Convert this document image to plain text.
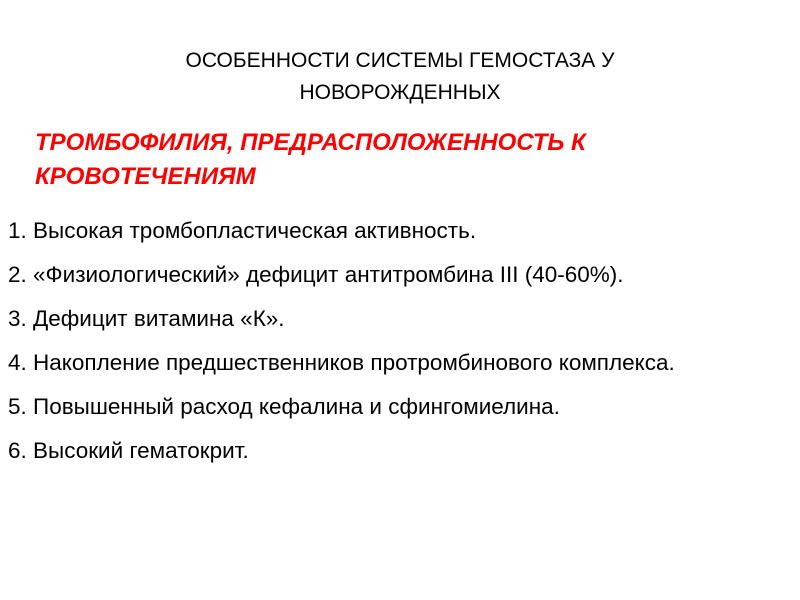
ОСОБЕННОСТИ СИСТЕМЫ ГЕМОСТАЗА У
НОВОРОЖДЕННЫХ

ТРОМБОФИЛИЯ, ПРЕДРАСПОЛОЖЕННОСТЬ К
КРОВОТЕЧЕНИЯМ

1. Высокая тромбопластическая активность.
2. «Физиологический» дефицит антитромбина III (40-60%).
3. Дефицит витамина «К».
4. Накопление предшественников протромбинового комплекса.
5. Повышенный расход кефалина и сфингомиелина.
6. Высокий гематокрит.
